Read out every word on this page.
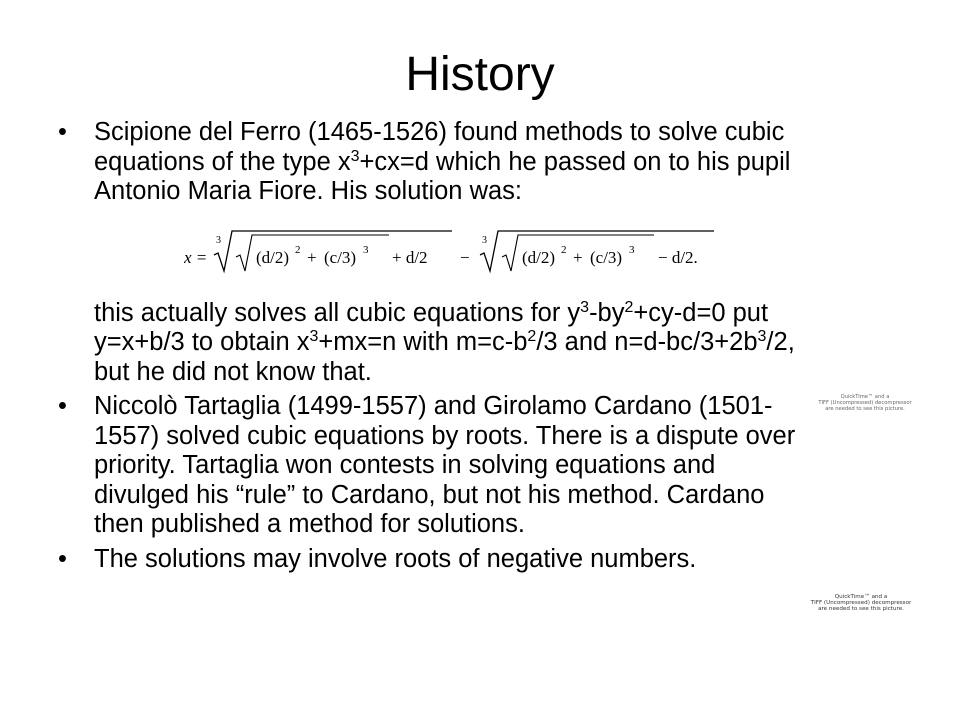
History
• Scipione del Ferro (1465-1526) found methods to solve cubic equations of the type $x^3+cx=d$ which he passed on to his pupil Antonio Maria Fiore. His solution was:
x =
3
(d/2) 2 + (c/3) 3 + d/2 −
3
(d/2) 2 + (c/3) 3 − d/2.
this actually solves all cubic equations for $y^3-by^2+cy-d=0$ put y=x+b/3 to obtain $x^3+mx=n$ with $m=c-b^2/3$ and $n=d-bc/3+2b^3/2$, but he did not know that.
• Niccolò Tartaglia (1499-1557) and Girolamo Cardano (1501-1557) solved cubic equations by roots. There is a dispute over priority. Tartaglia won contests in solving equations and divulged his “rule” to Cardano, but not his method. Cardano then published a method for solutions.
• The solutions may involve roots of negative numbers.
QuickTime™ and a
TIFF (Uncompressed) decompressor
are needed to see this picture.
QuickTime™ and a
TIFF (Uncompressed) decompressor
are needed to see this picture.
